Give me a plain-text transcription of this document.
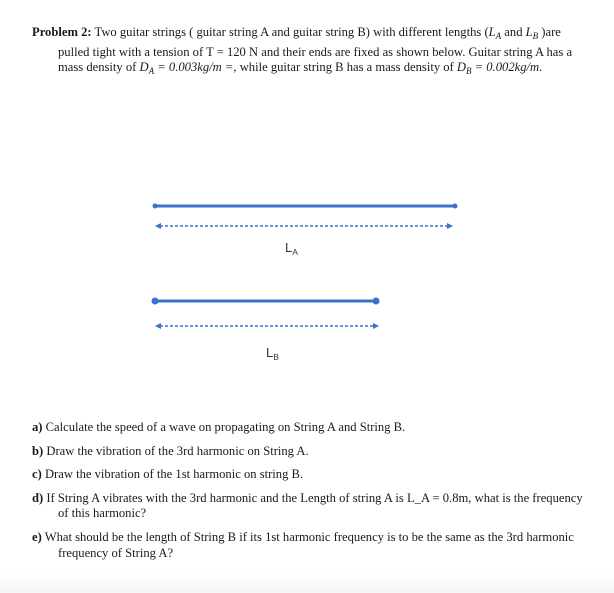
Problem 2: Two guitar strings ( guitar string A and guitar string B) with different lengths ($L_A$ and $L_B$ )are pulled tight with a tension of T = 120 N and their ends are fixed as shown below. Guitar string A has a mass density of $D_A = 0.003kg/m$ =, while guitar string B has a mass density of $D_B = 0.002kg/m$.
$L_A$
$L_B$
a) Calculate the speed of a wave on propagating on String A and String B.
b) Draw the vibration of the 3rd harmonic on String A.
c) Draw the vibration of the 1st harmonic on string B.
d) If String A vibrates with the 3rd harmonic and the Length of string A is L_A = 0.8m, what is the frequency of this harmonic?
e) What should be the length of String B if its 1st harmonic frequency is to be the same as the 3rd harmonic frequency of String A?
